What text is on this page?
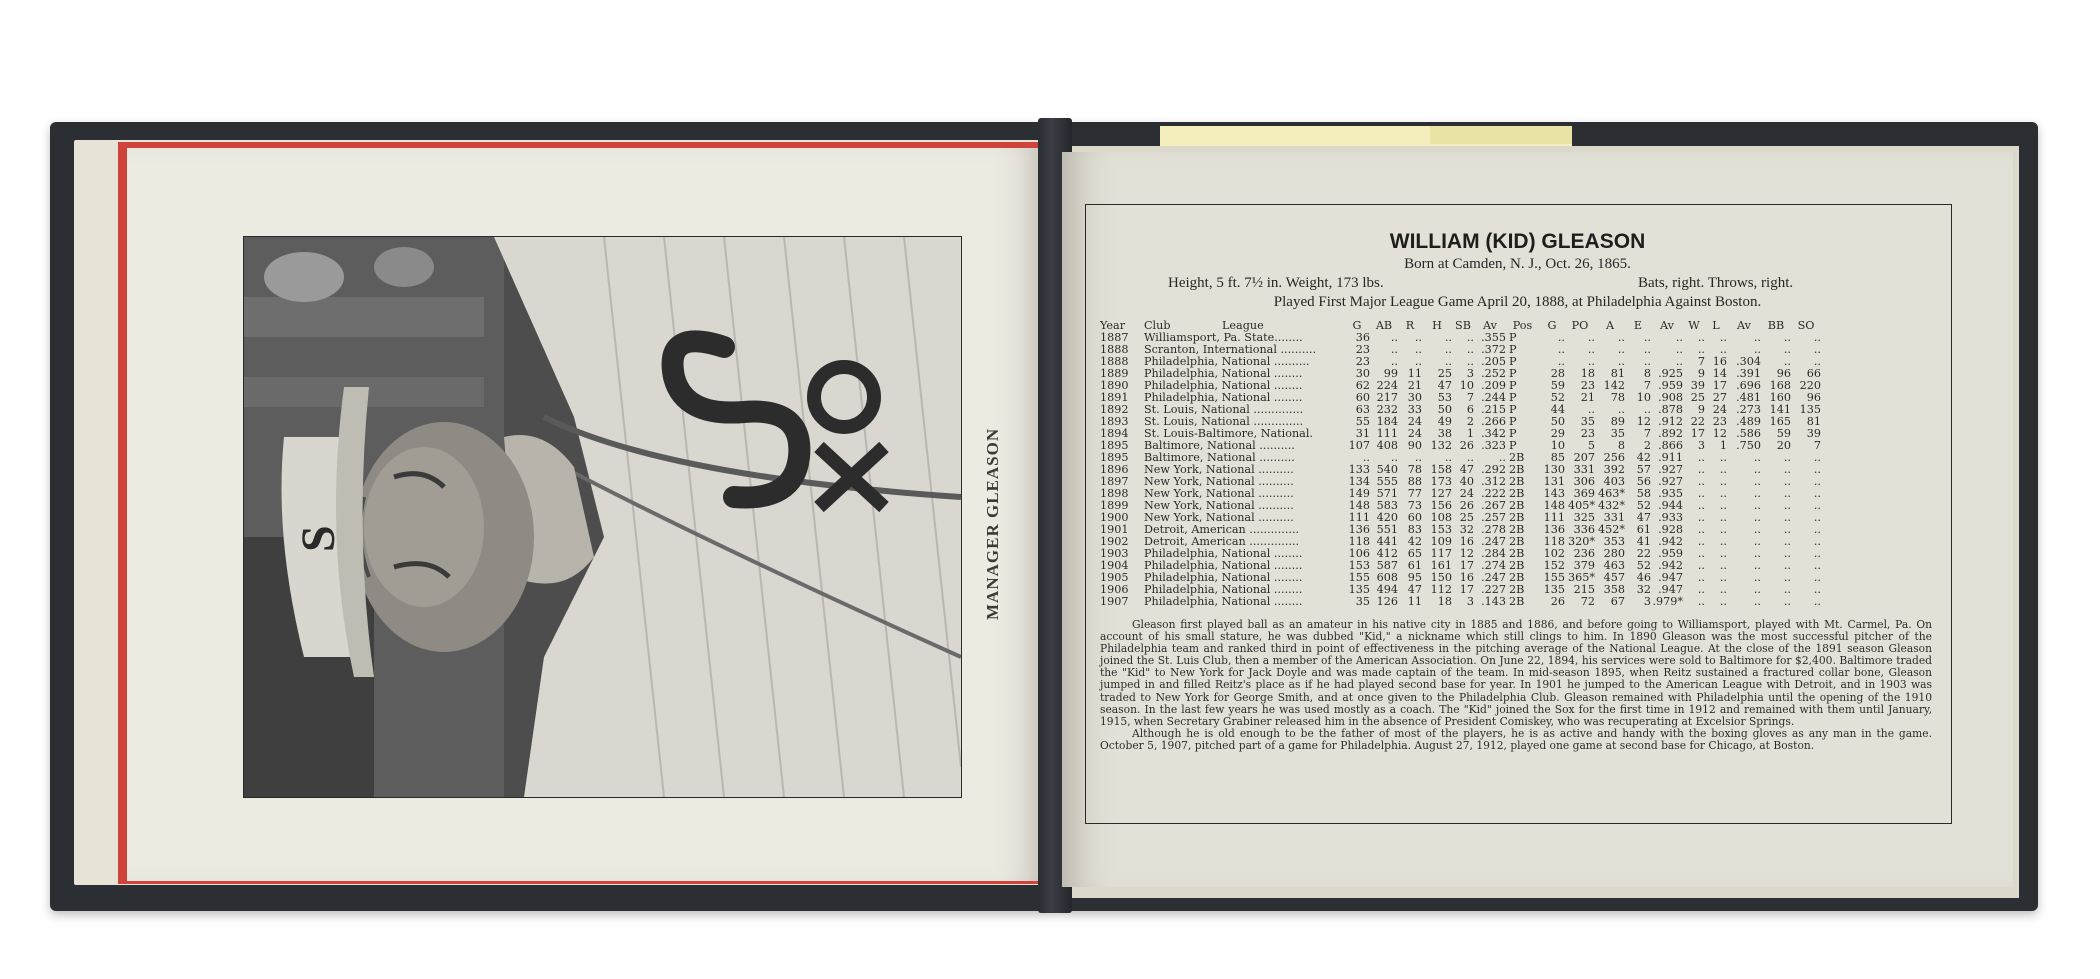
S	MANAGER GLEASON
WILLIAM (KID) GLEASON
Born at Camden, N. J., Oct. 26, 1865.
Height, 5 ft. 7½ in. Weight, 173 lbs.	Bats, right. Throws, right.
Played First Major League Game April 20, 1888, at Philadelphia Against Boston.
Year	Club	League	G	AB	R	H	SB	Av	Pos	G	PO	A	E	Av	W	L	Av	BB	SO
1887	Williamsport, Pa. State........		36	..	..	..	..	.355	P	..	..	..	..	..	..	..	..	..	..
1888	Scranton, International ..........		23	..	..	..	..	.372	P	..	..	..	..	..	..	..	..	..	..
1888	Philadelphia, National ..........		23	..	..	..	..	.205	P	..	..	..	..	..	7	16	.304	..	..
1889	Philadelphia, National ........		30	99	11	25	3	.252	P	28	18	81	8	.925	9	14	.391	96	66
1890	Philadelphia, National ........		62	224	21	47	10	.209	P	59	23	142	7	.959	39	17	.696	168	220
1891	Philadelphia, National ........		60	217	30	53	7	.244	P	52	21	78	10	.908	25	27	.481	160	96
1892	St. Louis, National ..............		63	232	33	50	6	.215	P	44	..	..	..	.878	9	24	.273	141	135
1893	St. Louis, National ..............		55	184	24	49	2	.266	P	50	35	89	12	.912	22	23	.489	165	81
1894	St. Louis-Baltimore, National.		31	111	24	38	1	.342	P	29	23	35	7	.892	17	12	.586	59	39
1895	Baltimore, National ..........		107	408	90	132	26	.323	P	10	5	8	2	.866	3	1	.750	20	7
1895	Baltimore, National ..........		..	..	..	..	..	..	2B	85	207	256	42	.911	..	..	..	..	..
1896	New York, National ..........		133	540	78	158	47	.292	2B	130	331	392	57	.927	..	..	..	..	..
1897	New York, National ..........		134	555	88	173	40	.312	2B	131	306	403	56	.927	..	..	..	..	..
1898	New York, National ..........		149	571	77	127	24	.222	2B	143	369	463*	58	.935	..	..	..	..	..
1899	New York, National ..........		148	583	73	156	26	.267	2B	148	405*	432*	52	.944	..	..	..	..	..
1900	New York, National ..........		111	420	60	108	25	.257	2B	111	325	331	47	.933	..	..	..	..	..
1901	Detroit, American ..............		136	551	83	153	32	.278	2B	136	336	452*	61	.928	..	..	..	..	..
1902	Detroit, American ..............		118	441	42	109	16	.247	2B	118	320*	353	41	.942	..	..	..	..	..
1903	Philadelphia, National ........		106	412	65	117	12	.284	2B	102	236	280	22	.959	..	..	..	..	..
1904	Philadelphia, National ........		153	587	61	161	17	.274	2B	152	379	463	52	.942	..	..	..	..	..
1905	Philadelphia, National ........		155	608	95	150	16	.247	2B	155	365*	457	46	.947	..	..	..	..	..
1906	Philadelphia, National ........		135	494	47	112	17	.227	2B	135	215	358	32	.947	..	..	..	..	..
1907	Philadelphia, National ........		35	126	11	18	3	.143	2B	26	72	67	3	.979*	..	..	..	..	..

Gleason first played ball as an amateur in his native city in 1885 and 1886, and before going to Williamsport, played with Mt. Carmel, Pa. On account of his small stature, he was dubbed "Kid," a nickname which still clings to him. In 1890 Gleason was the most successful pitcher of the Philadelphia team and ranked third in point of effectiveness in the pitching average of the National League. At the close of the 1891 season Gleason joined the St. Luis Club, then a member of the American Association. On June 22, 1894, his services were sold to Baltimore for $2,400. Baltimore traded the "Kid" to New York for Jack Doyle and was made captain of the team. In mid-season 1895, when Reitz sustained a fractured collar bone, Gleason jumped in and filled Reitz's place as if he had played second base for year. In 1901 he jumped to the American League with Detroit, and in 1903 was traded to New York for George Smith, and at once given to the Philadelphia Club. Gleason remained with Philadelphia until the opening of the 1910 season. In the last few years he was used mostly as a coach. The "Kid" joined the Sox for the first time in 1912 and remained with them until January, 1915, when Secretary Grabiner released him in the absence of President Comiskey, who was recuperating at Excelsior Springs.

Although he is old enough to be the father of most of the players, he is as active and handy with the boxing gloves as any man in the game. October 5, 1907, pitched part of a game for Philadelphia. August 27, 1912, played one game at second base for Chicago, at Boston.
